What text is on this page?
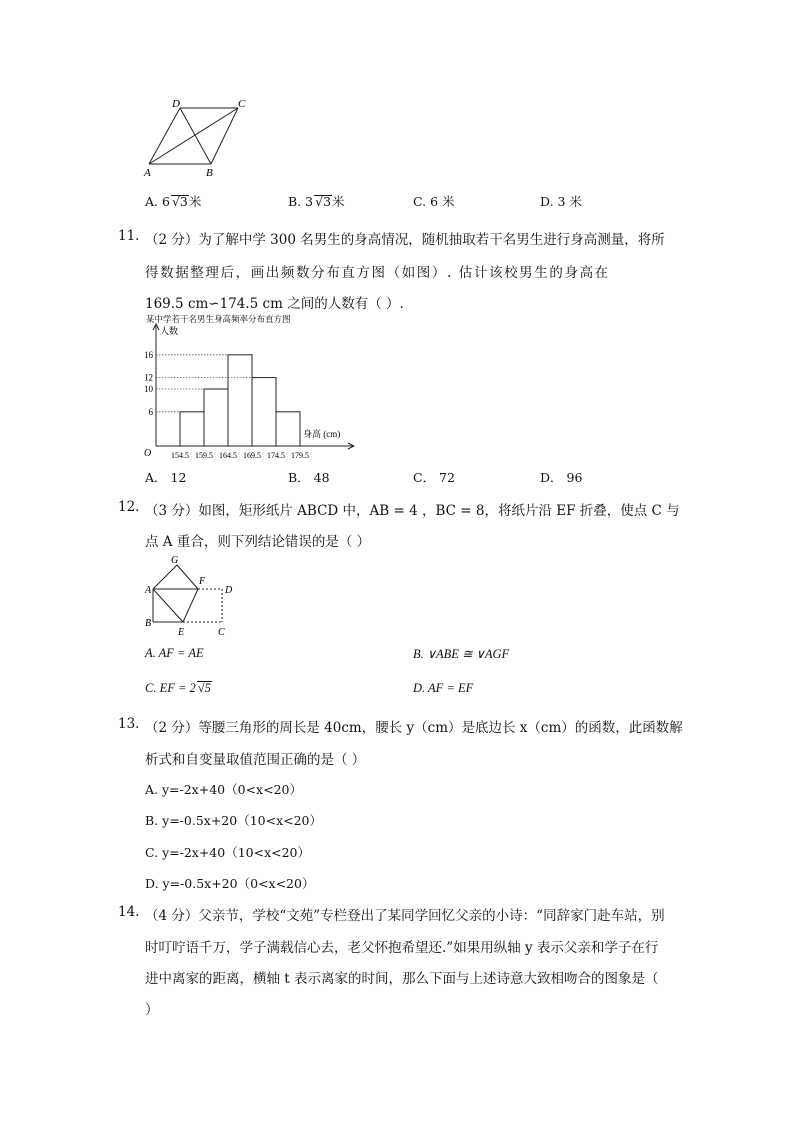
D	C
A	B
A. 6 √3米	B. 3 √3米	C. 6 米	D. 3 米
11. （2 分）为了解中学 300 名男生的身高情况，随机抽取若干名男生进行身高测量，将所
得数据整理后，画出频数分布直方图（如图）. 估计该校男生的身高在
169.5 cm∽174.5 cm 之间的人数有（ ）.
某中学若干名男生身高频率分布直方图
人数
身高 (cm)
O
6
10
12
16
154.5 159.5 164.5 169.5 174.5 179.5
A． 12	B． 48	C． 72	D． 96
12. （3 分）如图，矩形纸片 ABCD 中，AB = 4 ，BC = 8，将纸片沿 EF 折叠，使点 C 与
点 A 重合，则下列结论错误的是（ ）
G
F
A	D
B
E	C
A. AF = AE	B. ∨ABE ≅ ∨AGF
C. EF = 2 √5	D. AF = EF
13. （2 分）等腰三角形的周长是 40cm，腰长 y（cm）是底边长 x（cm）的函数，此函数解
析式和自变量取值范围正确的是（ ）
A. y=-2x+40（0<x<20）
B. y=-0.5x+20（10<x<20）
C. y=-2x+40（10<x<20）
D. y=-0.5x+20（0<x<20）
14. （4 分）父亲节，学校“文苑”专栏登出了某同学回忆父亲的小诗：“同辞家门赴车站，别
时叮咛语千万，学子满载信心去，老父怀抱希望还.”如果用纵轴 y 表示父亲和学子在行
进中离家的距离，横轴 t 表示离家的时间，那么下面与上述诗意大致相吻合的图象是（
）
